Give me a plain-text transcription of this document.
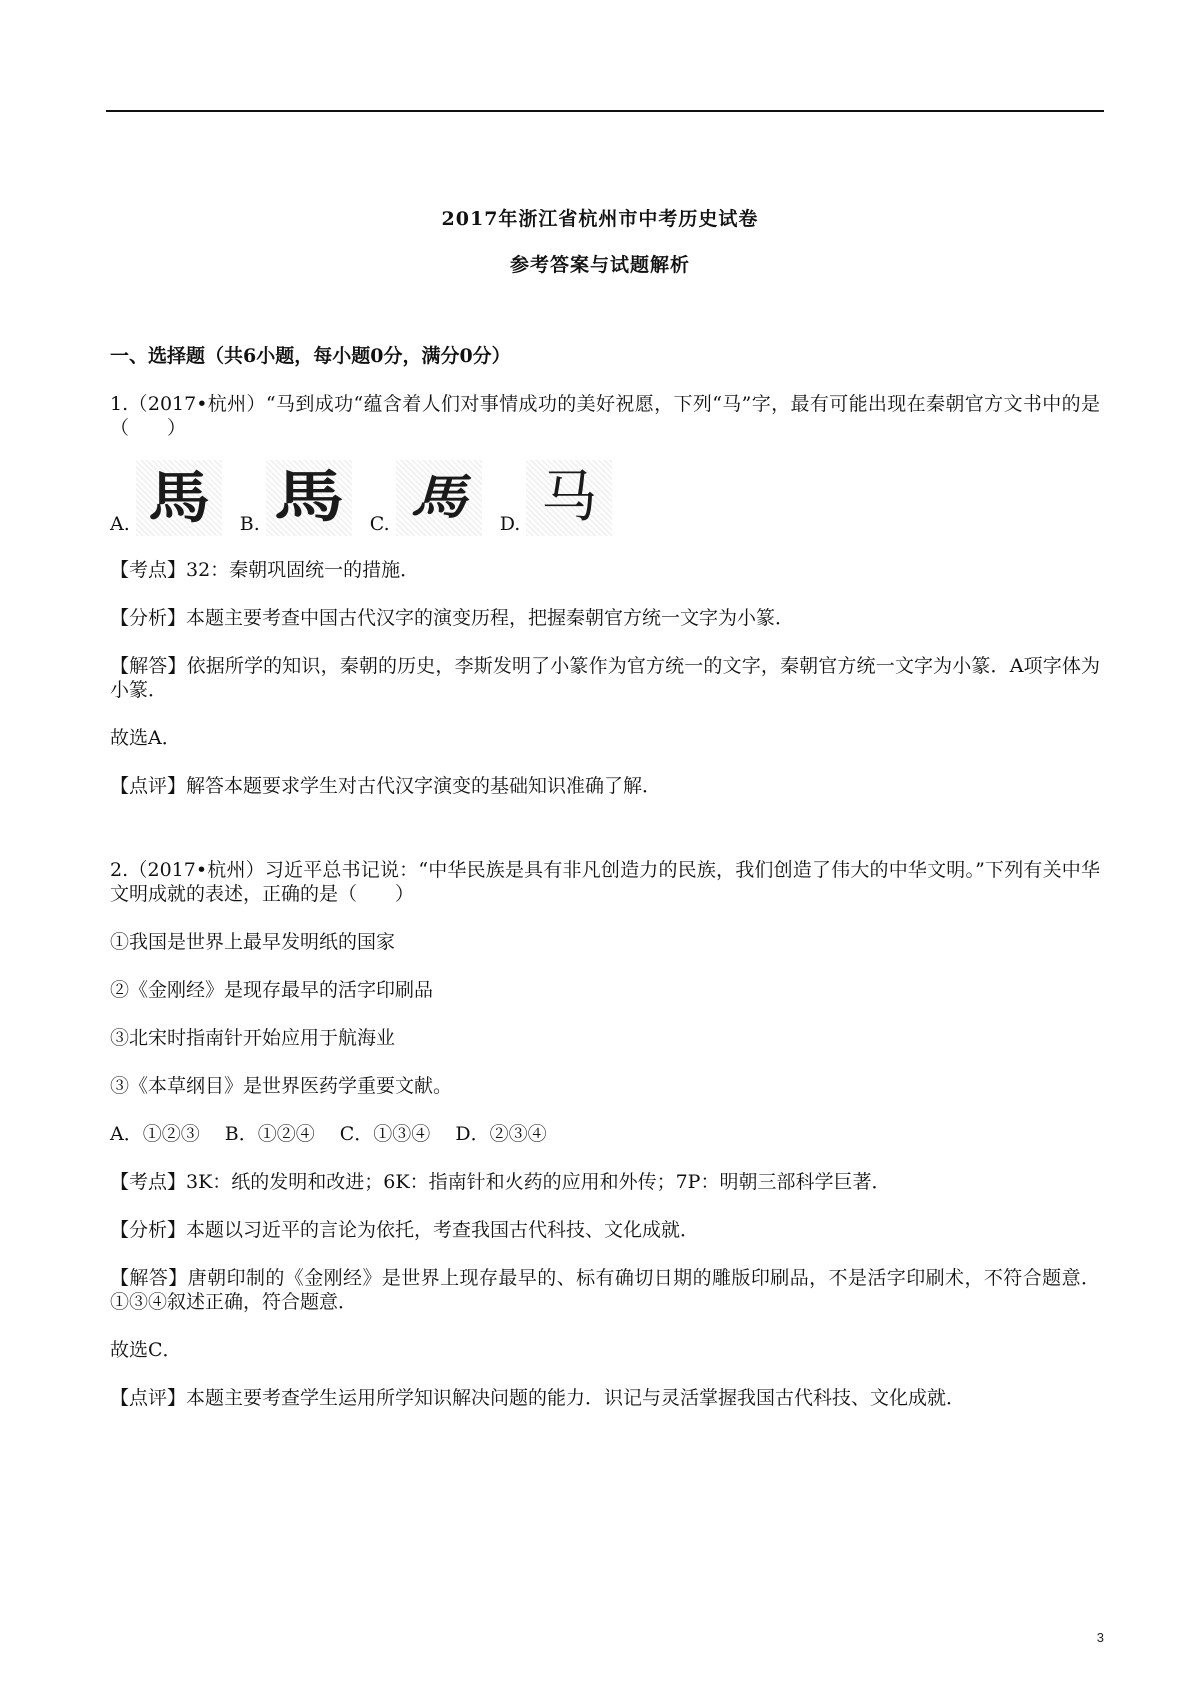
2017年浙江省杭州市中考历史试卷
参考答案与试题解析
一、选择题（共6小题，每小题0分，满分0分）
1.（2017•杭州）“马到成功“蕴含着人们对事情成功的美好祝愿，下列“马”字，最有可能出现在秦朝官方文书中的是（　　）
A. 馬 B. 馬 C. 馬 D. 马
【考点】32：秦朝巩固统一的措施．
【分析】本题主要考查中国古代汉字的演变历程，把握秦朝官方统一文字为小篆．
【解答】依据所学的知识，秦朝的历史，李斯发明了小篆作为官方统一的文字，秦朝官方统一文字为小篆．A项字体为小篆．
故选A．
【点评】解答本题要求学生对古代汉字演变的基础知识准确了解．
2.（2017•杭州）习近平总书记说：“中华民族是具有非凡创造力的民族，我们创造了伟大的中华文明。”下列有关中华文明成就的表述，正确的是（　　）
①我国是世界上最早发明纸的国家
②《金刚经》是现存最早的活字印刷品
③北宋时指南针开始应用于航海业
③《本草纲目》是世界医药学重要文献。
A．①②③　 B．①②④　 C．①③④　 D．②③④
【考点】3K：纸的发明和改进；6K：指南针和火药的应用和外传；7P：明朝三部科学巨著．
【分析】本题以习近平的言论为依托，考查我国古代科技、文化成就．
【解答】唐朝印制的《金刚经》是世界上现存最早的、标有确切日期的雕版印刷品，不是活字印刷术，不符合题意．①③④叙述正确，符合题意．
故选C．
【点评】本题主要考查学生运用所学知识解决问题的能力．识记与灵活掌握我国古代科技、文化成就．
3
